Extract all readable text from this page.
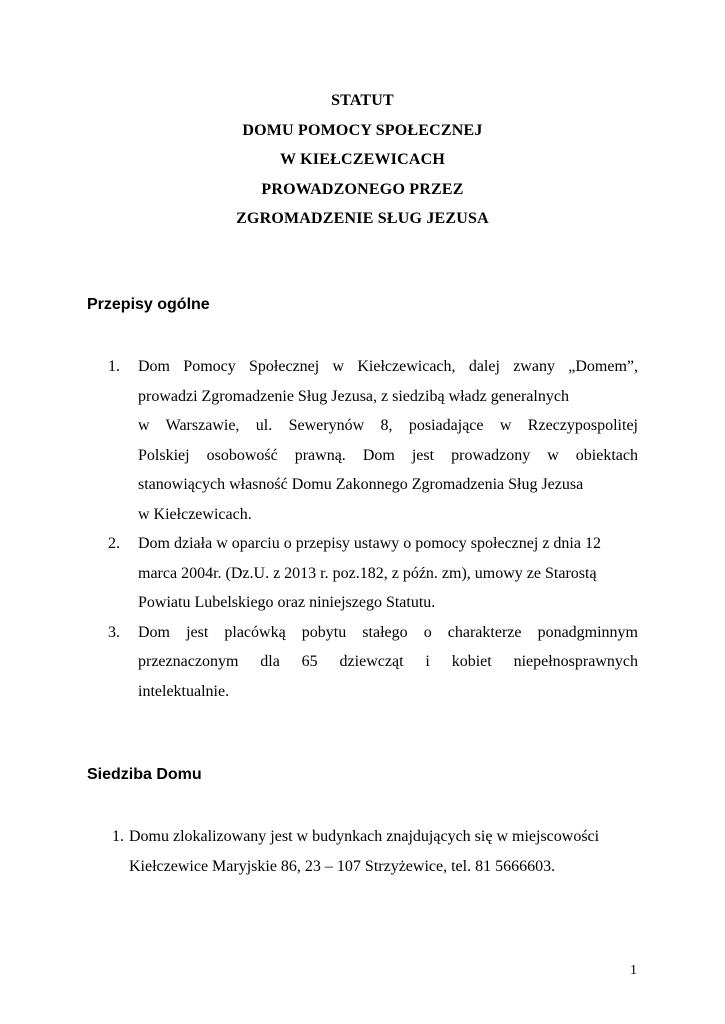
STATUT
DOMU POMOCY SPOŁECZNEJ
W KIEŁCZEWICACH
PROWADZONEGO PRZEZ
ZGROMADZENIE SŁUG JEZUSA
Przepisy ogólne
1. Dom Pomocy Społecznej w Kiełczewicach, dalej zwany „Domem”,
prowadzi Zgromadzenie Sług Jezusa, z siedzibą władz generalnych
w Warszawie, ul. Sewerynów 8, posiadające w Rzeczypospolitej
Polskiej osobowość prawną. Dom jest prowadzony w obiektach
stanowiących własność Domu Zakonnego Zgromadzenia Sług Jezusa
w Kiełczewicach.
2. Dom działa w oparciu o przepisy ustawy o pomocy społecznej z dnia 12
marca 2004r. (Dz.U. z 2013 r. poz.182, z późn. zm), umowy ze Starostą
Powiatu Lubelskiego oraz niniejszego Statutu.
3. Dom jest placówką pobytu stałego o charakterze ponadgminnym
przeznaczonym dla 65 dziewcząt i kobiet niepełnosprawnych
intelektualnie.
Siedziba Domu
1. Domu zlokalizowany jest w budynkach znajdujących się w miejscowości
Kiełczewice Maryjskie 86, 23 – 107 Strzyżewice, tel. 81 5666603.
1
